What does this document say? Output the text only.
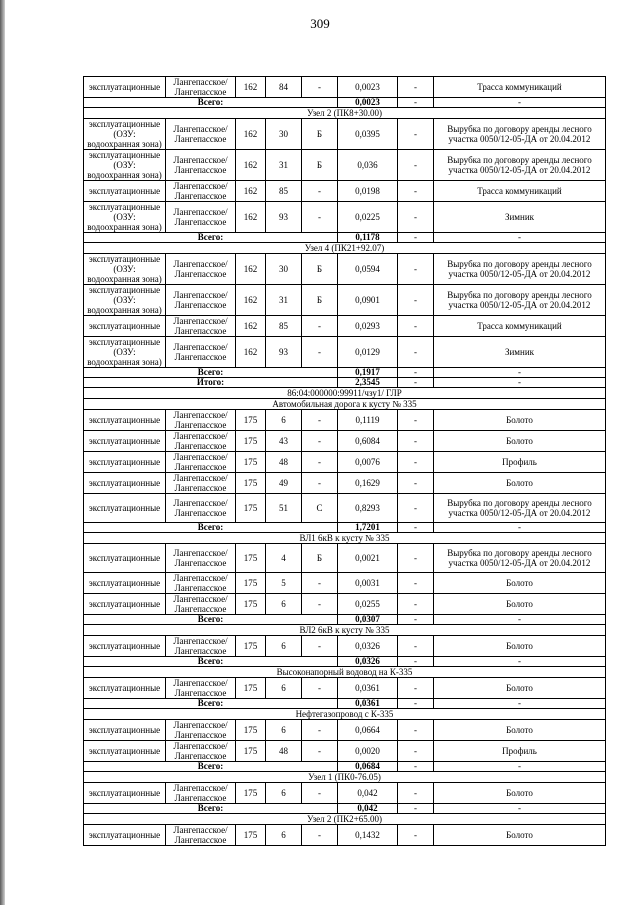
309
эксплуатационные	Лангепасское/ Лангепасское	162	84	-	0,0023	-	Трасса коммуникаций
Всего:					0,0023	-	-
Узел 2 (ПК8+30.00)							
эксплуатационные (ОЗУ: водоохранная зона)	Лангепасское/ Лангепасское	162	30	Б	0,0395	-	Вырубка по договору аренды лесного участка 0050/12-05-ДА от 20.04.2012
эксплуатационные (ОЗУ: водоохранная зона)	Лангепасское/ Лангепасское	162	31	Б	0,036	-	Вырубка по договору аренды лесного участка 0050/12-05-ДА от 20.04.2012
эксплуатационные	Лангепасское/ Лангепасское	162	85	-	0,0198	-	Трасса коммуникаций
эксплуатационные (ОЗУ: водоохранная зона)	Лангепасское/ Лангепасское	162	93	-	0,0225	-	Зимник
Всего:					0,1178	-	-
Узел 4 (ПК21+92.07)							
эксплуатационные (ОЗУ: водоохранная зона)	Лангепасское/ Лангепасское	162	30	Б	0,0594	-	Вырубка по договору аренды лесного участка 0050/12-05-ДА от 20.04.2012
эксплуатационные (ОЗУ: водоохранная зона)	Лангепасское/ Лангепасское	162	31	Б	0,0901	-	Вырубка по договору аренды лесного участка 0050/12-05-ДА от 20.04.2012
эксплуатационные	Лангепасское/ Лангепасское	162	85	-	0,0293	-	Трасса коммуникаций
эксплуатационные (ОЗУ: водоохранная зона)	Лангепасское/ Лангепасское	162	93	-	0,0129	-	Зимник
Всего:					0,1917	-	-
Итого:					2,3545	-	-
86:04:000000:99911/чзу1/ ГЛР							
Автомобильная дорога к кусту № 335							
эксплуатационные	Лангепасское/ Лангепасское	175	6	-	0,1119	-	Болото
эксплуатационные	Лангепасское/ Лангепасское	175	43	-	0,6084	-	Болото
эксплуатационные	Лангепасское/ Лангепасское	175	48	-	0,0076	-	Профиль
эксплуатационные	Лангепасское/ Лангепасское	175	49	-	0,1629	-	Болото
эксплуатационные	Лангепасское/ Лангепасское	175	51	С	0,8293	-	Вырубка по договору аренды лесного участка 0050/12-05-ДА от 20.04.2012
Всего:					1,7201	-	-
ВЛ1 6кВ к кусту № 335							
эксплуатационные	Лангепасское/ Лангепасское	175	4	Б	0,0021	-	Вырубка по договору аренды лесного участка 0050/12-05-ДА от 20.04.2012
эксплуатационные	Лангепасское/ Лангепасское	175	5	-	0,0031	-	Болото
эксплуатационные	Лангепасское/ Лангепасское	175	6	-	0,0255	-	Болото
Всего:					0,0307	-	-
ВЛ2 6кВ к кусту № 335							
эксплуатационные	Лангепасское/ Лангепасское	175	6	-	0,0326	-	Болото
Всего:					0,0326	-	-
Высоконапорный водовод на К-335							
эксплуатационные	Лангепасское/ Лангепасское	175	6	-	0,0361	-	Болото
Всего:					0,0361	-	-
Нефтегазопровод с К-335							
эксплуатационные	Лангепасское/ Лангепасское	175	6	-	0,0664	-	Болото
эксплуатационные	Лангепасское/ Лангепасское	175	48	-	0,0020	-	Профиль
Всего:					0,0684	-	-
Узел 1 (ПК0-76.05)							
эксплуатационные	Лангепасское/ Лангепасское	175	6	-	0,042	-	Болото
Всего:					0,042	-	-
Узел 2 (ПК2+65.00)							
эксплуатационные	Лангепасское/ Лангепасское	175	6	-	0,1432	-	Болото
